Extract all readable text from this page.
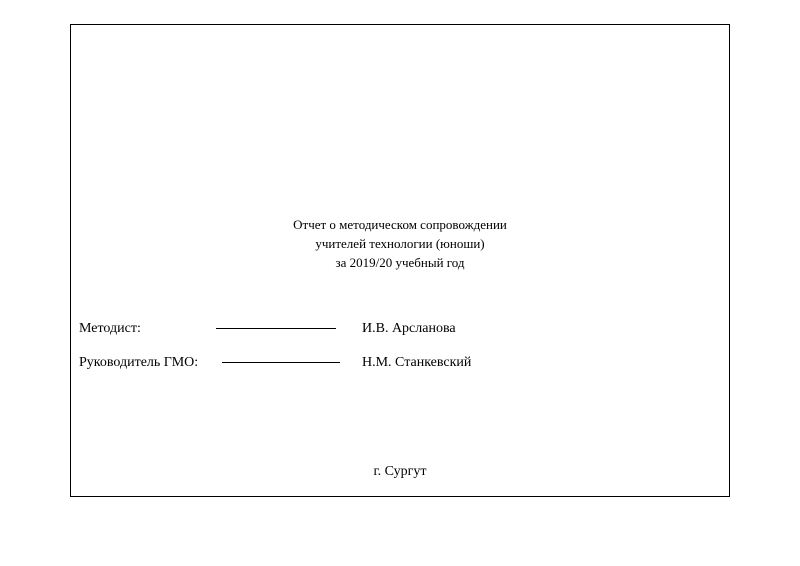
Отчет о методическом сопровождении
учителей технологии (юноши)
за 2019/20 учебный год
Методист:	И.В. Арсланова
Руководитель ГМО:	Н.М. Станкевский
г. Сургут
